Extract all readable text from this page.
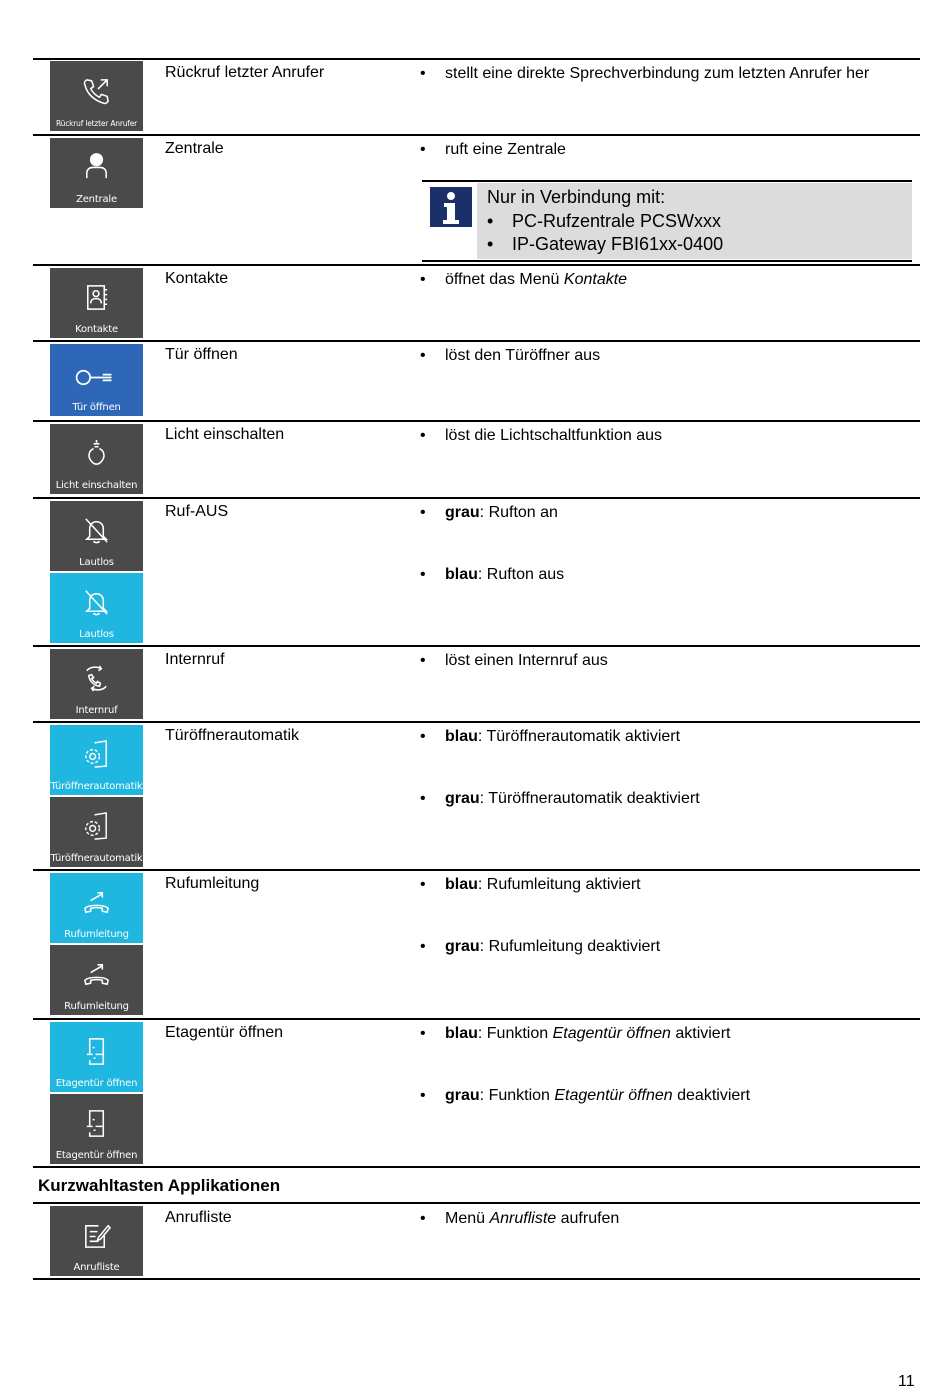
Rückruf letzter Anrufer
Rückruf letzter Anrufer	• stellt eine direkte Sprechverbindung zum letzten Anrufer her
Zentrale
Zentrale	• ruft eine Zentrale
Nur in Verbindung mit:
• PC-Rufzentrale PCSWxxx
• IP-Gateway FBI61xx-0400
Kontakte
Kontakte	• öffnet das Menü Kontakte
Tür öffnen
Tür öffnen	• löst den Türöffner aus
Licht einschalten
Licht einschalten	• löst die Lichtschaltfunktion aus
Lautlos
Lautlos
Ruf-AUS	• grau: Rufton an
• blau: Rufton aus
Internruf
Internruf	• löst einen Internruf aus
Türöffnerautomatik
Türöffnerautomatik
Türöffnerautomatik	• blau: Türöffnerautomatik aktiviert
• grau: Türöffnerautomatik deaktiviert
Rufumleitung
Rufumleitung
Rufumleitung	• blau: Rufumleitung aktiviert
• grau: Rufumleitung deaktiviert
Etagentür öffnen
Etagentür öffnen
Etagentür öffnen	• blau: Funktion Etagentür öffnen aktiviert
• grau: Funktion Etagentür öffnen deaktiviert
Kurzwahltasten Applikationen
Anrufliste
Anrufliste	• Menü Anrufliste aufrufen
11
